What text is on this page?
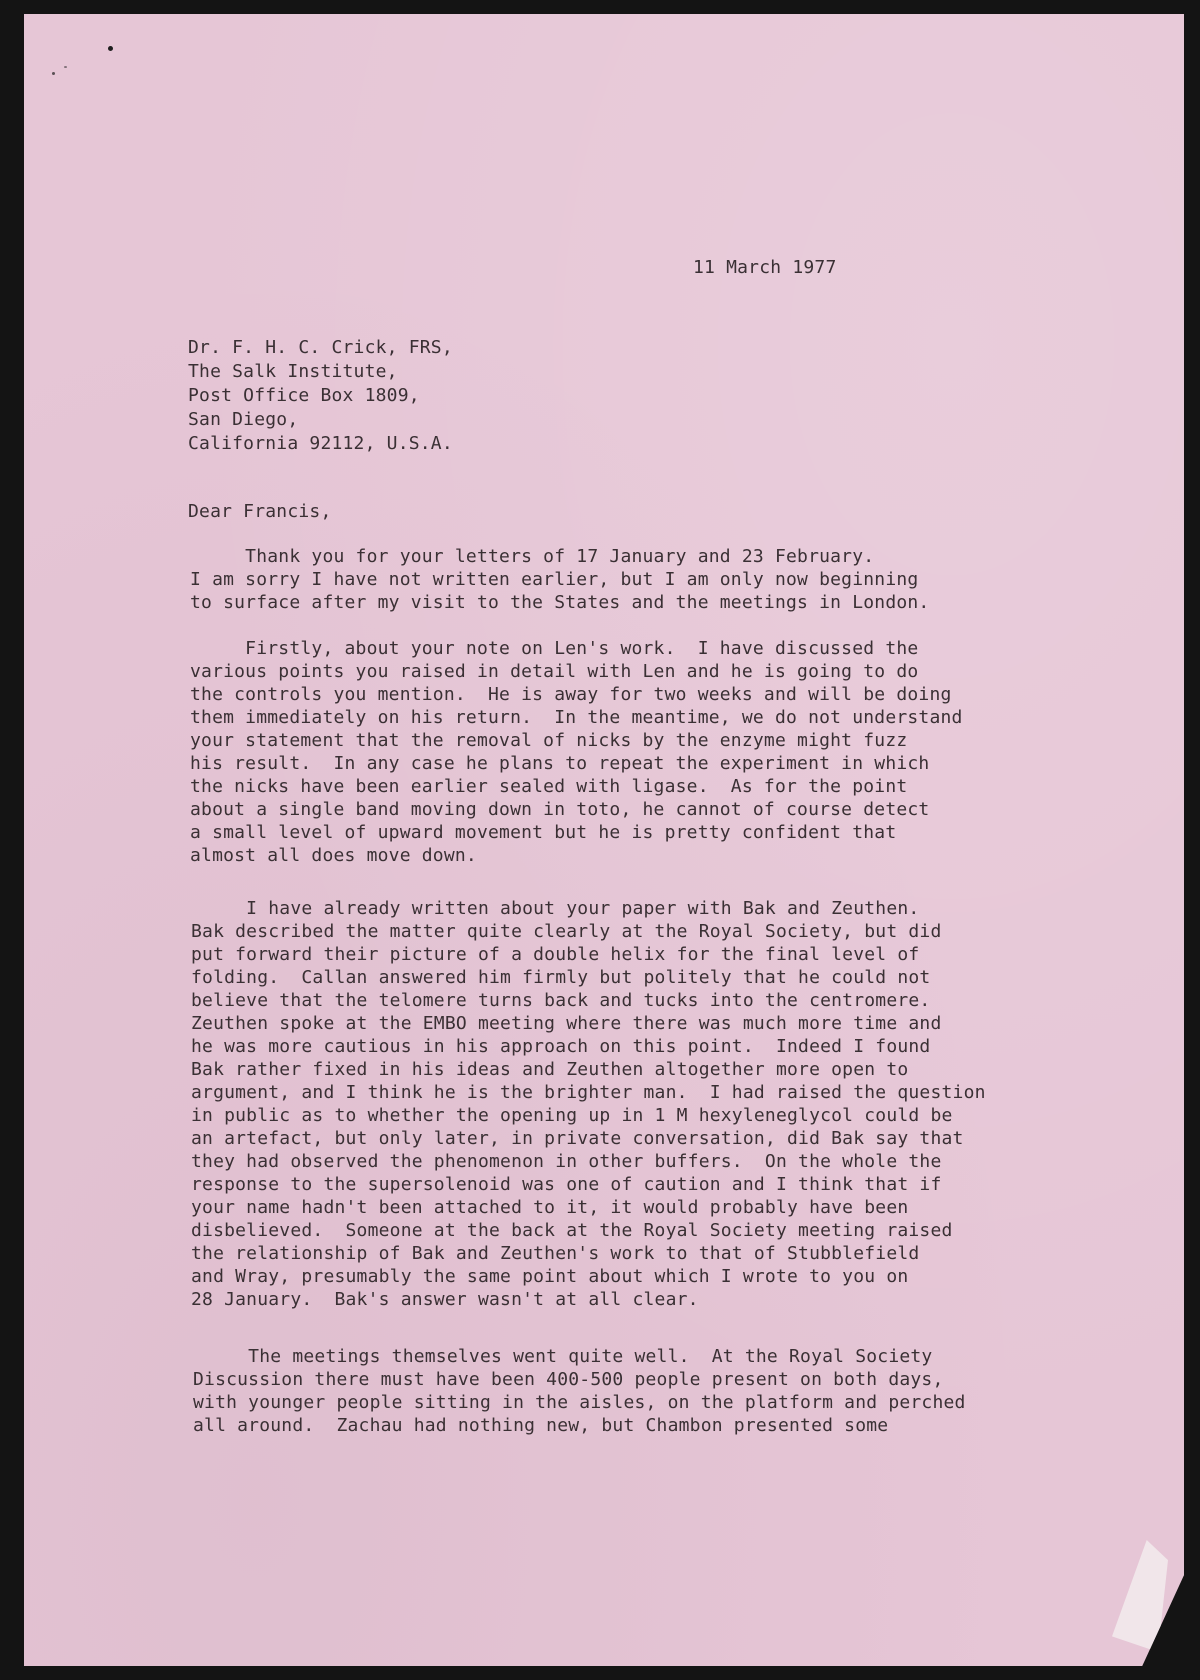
11 March 1977

Dr. F. H. C. Crick, FRS,

The Salk Institute,

Post Office Box 1809,

San Diego,

California 92112, U.S.A.

Dear Francis,

Thank you for your letters of 17 January and 23 February.

I am sorry I have not written earlier, but I am only now beginning

to surface after my visit to the States and the meetings in London.

Firstly, about your note on Len's work.  I have discussed the

various points you raised in detail with Len and he is going to do

the controls you mention.  He is away for two weeks and will be doing

them immediately on his return.  In the meantime, we do not understand

your statement that the removal of nicks by the enzyme might fuzz

his result.  In any case he plans to repeat the experiment in which

the nicks have been earlier sealed with ligase.  As for the point

about a single band moving down in toto, he cannot of course detect

a small level of upward movement but he is pretty confident that

almost all does move down.

I have already written about your paper with Bak and Zeuthen.

Bak described the matter quite clearly at the Royal Society, but did

put forward their picture of a double helix for the final level of

folding.  Callan answered him firmly but politely that he could not

believe that the telomere turns back and tucks into the centromere.

Zeuthen spoke at the EMBO meeting where there was much more time and

he was more cautious in his approach on this point.  Indeed I found

Bak rather fixed in his ideas and Zeuthen altogether more open to

argument, and I think he is the brighter man.  I had raised the question

in public as to whether the opening up in 1 M hexyleneglycol could be

an artefact, but only later, in private conversation, did Bak say that

they had observed the phenomenon in other buffers.  On the whole the

response to the supersolenoid was one of caution and I think that if

your name hadn't been attached to it, it would probably have been

disbelieved.  Someone at the back at the Royal Society meeting raised

the relationship of Bak and Zeuthen's work to that of Stubblefield

and Wray, presumably the same point about which I wrote to you on

28 January.  Bak's answer wasn't at all clear.

The meetings themselves went quite well.  At the Royal Society

Discussion there must have been 400-500 people present on both days,

with younger people sitting in the aisles, on the platform and perched

all around.  Zachau had nothing new, but Chambon presented some
